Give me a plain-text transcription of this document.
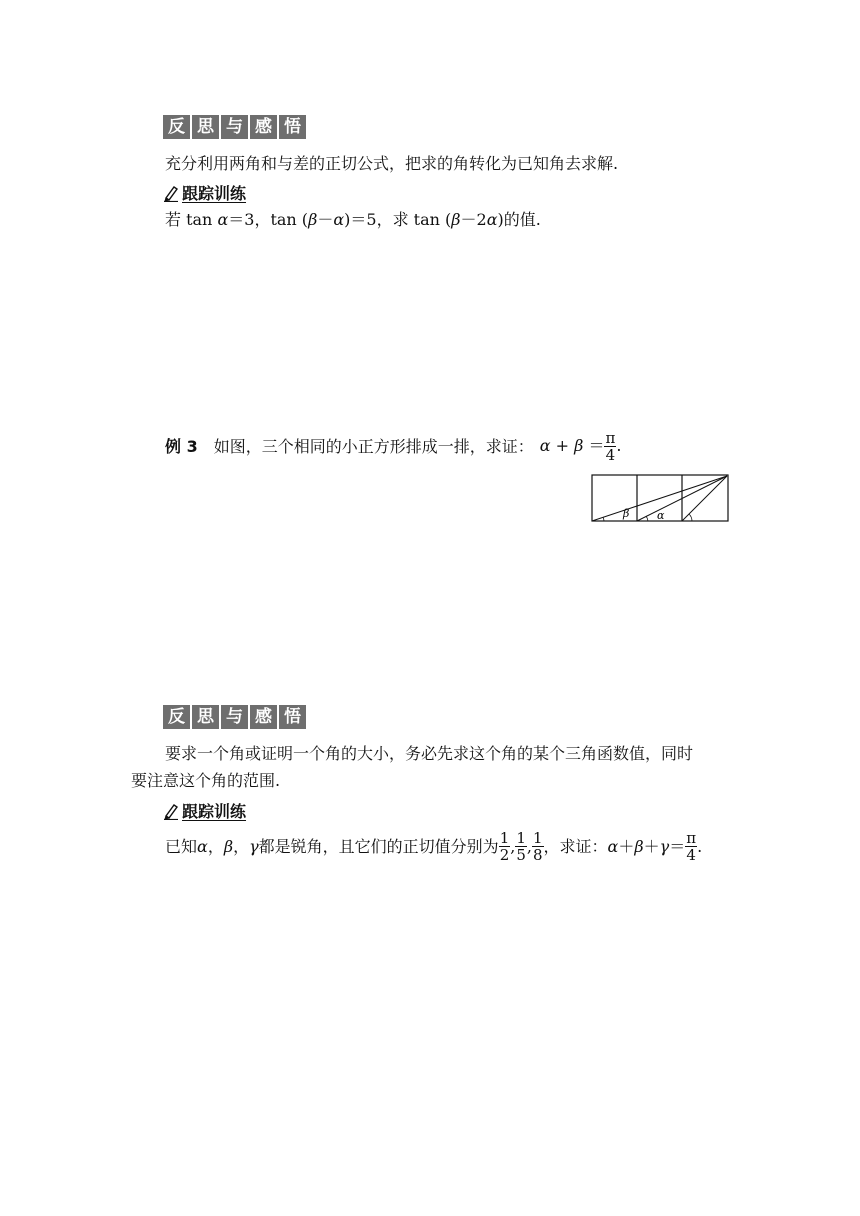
反 思 与 感 悟
充分利用两角和与差的正切公式，把求的角转化为已知角去求解.
跟踪训练
若 tan α＝3，tan (β－α)＝5，求 tan (β－2α)的值.
例 3 如图，三个相同的小正方形排成一排，求证： $\alpha + \beta = \frac{\pi}{4}$ .
β	α
反 思 与 感 悟
要求一个角或证明一个角的大小，务必先求这个角的某个三角函数值，同时
要注意这个角的范围.
跟踪训练
已知 α ， β ， γ 都是锐角，且它们的正切值分别为 $\frac{1}{2}$ , $\frac{1}{5}$ , $\frac{1}{8}$ ，求证： $\alpha + \beta + \gamma = \frac{\pi}{4}$ .
